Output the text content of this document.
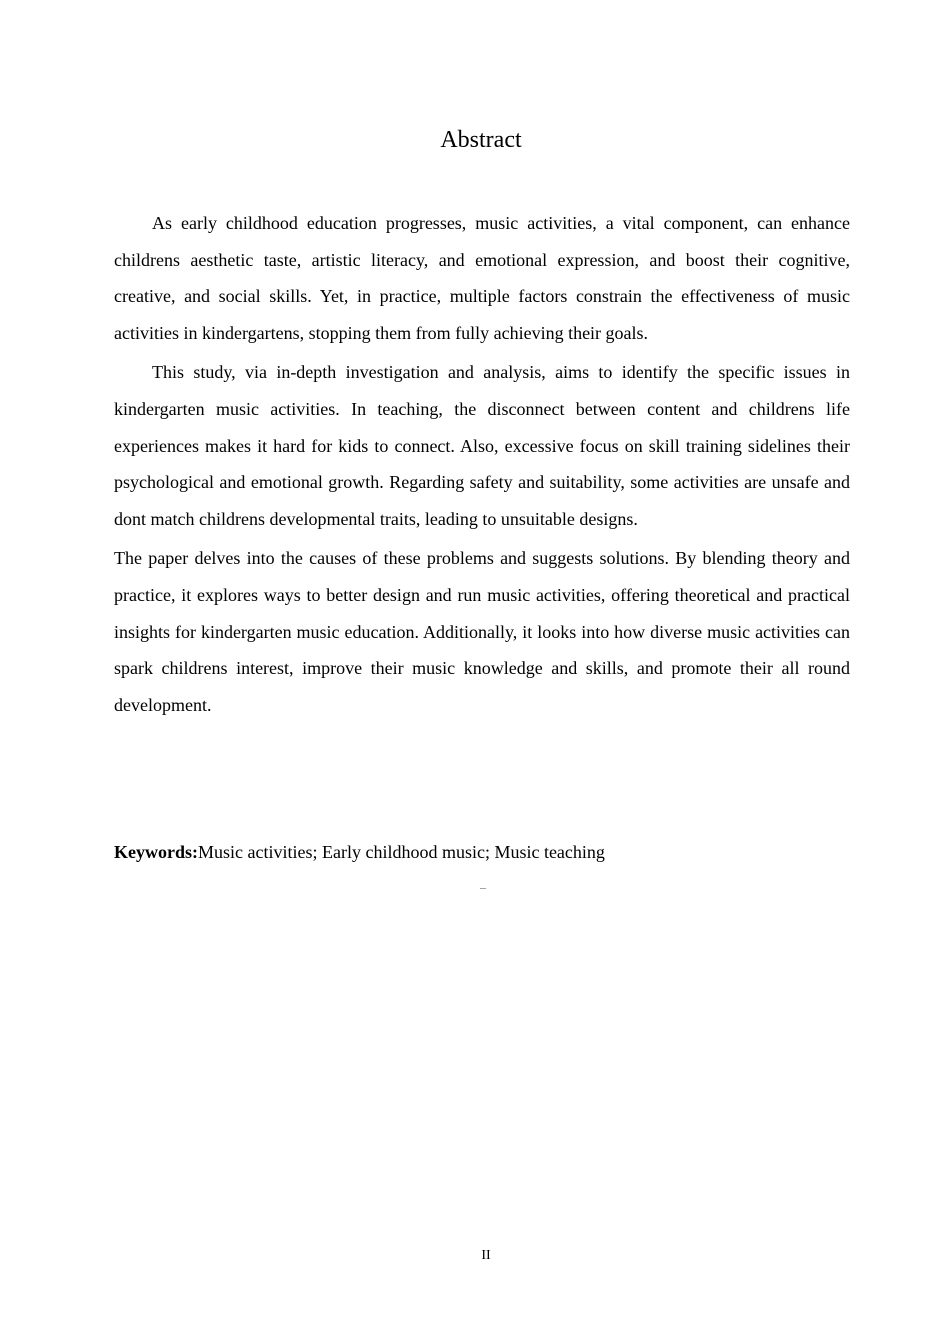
Abstract

As early childhood education progresses, music activities, a vital component, can enhance childrens aesthetic taste, artistic literacy, and emotional expression, and boost their cognitive, creative, and social skills. Yet, in practice, multiple factors constrain the effectiveness of music activities in kindergartens, stopping them from fully achieving their goals.

This study, via in-depth investigation and analysis, aims to identify the specific issues in kindergarten music activities. In teaching, the disconnect between content and childrens life experiences makes it hard for kids to connect. Also, excessive focus on skill training sidelines their psychological and emotional growth. Regarding safety and suitability, some activities are unsafe and dont match childrens developmental traits, leading to unsuitable designs.

The paper delves into the causes of these problems and suggests solutions. By blending theory and practice, it explores ways to better design and run music activities, offering theoretical and practical insights for kindergarten music education. Additionally, it looks into how diverse music activities can spark childrens interest, improve their music knowledge and skills, and promote their all round development.

Keywords:Music activities; Early childhood music; Music teaching

–
II
